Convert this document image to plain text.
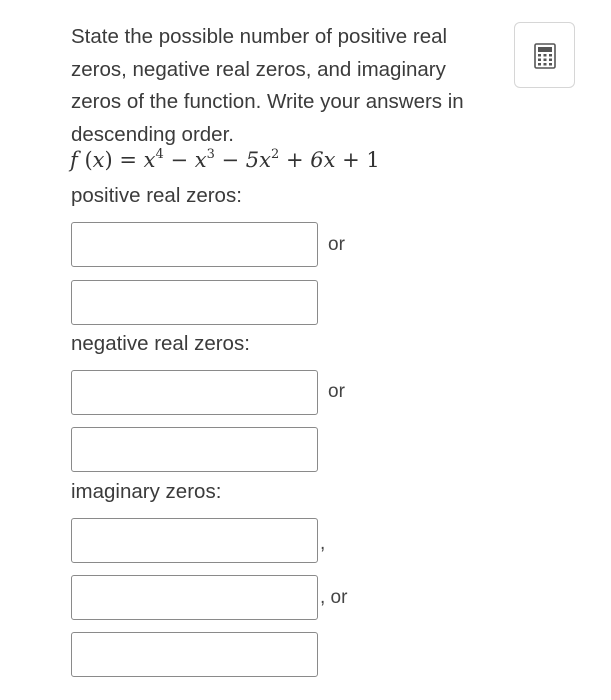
State the possible number of positive real zeros, negative real zeros, and imaginary zeros of the function. Write your answers in descending order.
f $(x) = x^4 - x^3 - 5x^2 + 6x + 1$
positive real zeros:
or
negative real zeros:
or
imaginary zeros:
,
, or
